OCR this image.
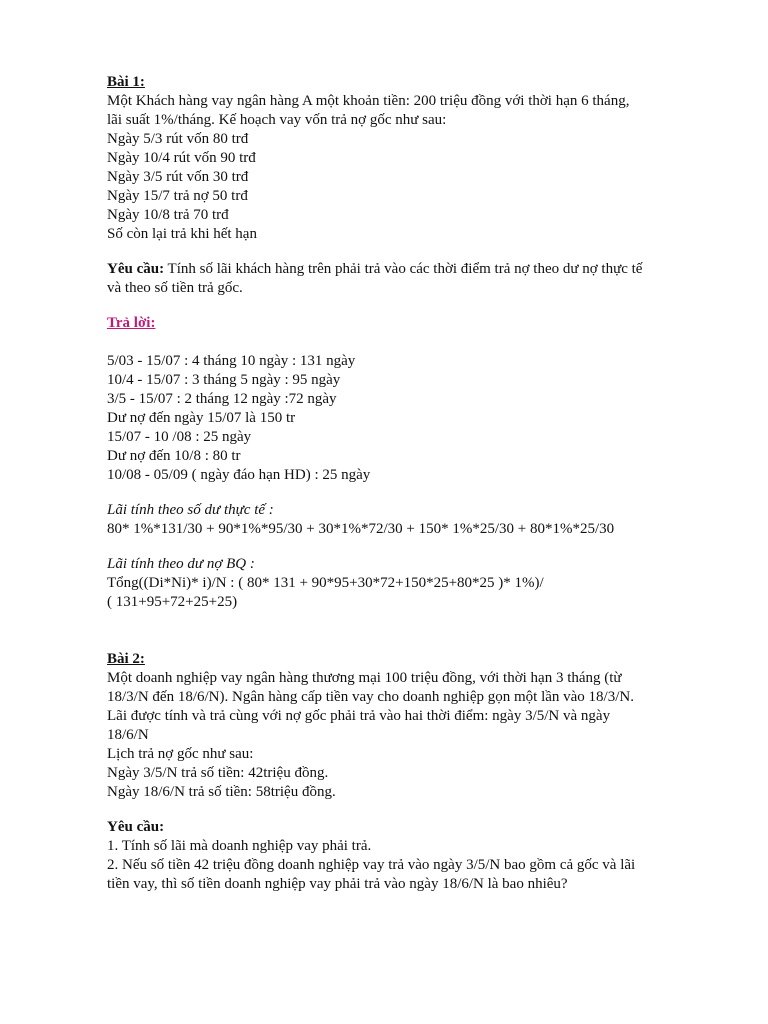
Bài 1:
Một Khách hàng vay ngân hàng A một khoản tiền: 200 triệu đồng với thời hạn 6 tháng,
lãi suất 1%/tháng. Kế hoạch vay vốn trả nợ gốc như sau:
Ngày 5/3 rút vốn 80 trđ
Ngày 10/4 rút vốn 90 trđ
Ngày 3/5 rút vốn 30 trđ
Ngày 15/7 trả nợ 50 trđ
Ngày 10/8 trả 70 trđ
Số còn lại trả khi hết hạn
Yêu cầu: Tính số lãi khách hàng trên phải trả vào các thời điểm trả nợ theo dư nợ thực tế
và theo số tiền trả gốc.
Trả lời:
5/03 - 15/07 : 4 tháng 10 ngày : 131 ngày
10/4 - 15/07 : 3 tháng 5 ngày : 95 ngày
3/5 - 15/07 : 2 tháng 12 ngày :72 ngày
Dư nợ đến ngày 15/07 là 150 tr
15/07 - 10 /08 : 25 ngày
Dư nợ đến 10/8 : 80 tr
10/08 - 05/09 ( ngày đáo hạn HD) : 25 ngày
Lãi tính theo số dư thực tế :
80* 1%*131/30 + 90*1%*95/30 + 30*1%*72/30 + 150* 1%*25/30 + 80*1%*25/30
Lãi tính theo dư nợ BQ :
Tổng((Di*Ni)* i)/N : ( 80* 131 + 90*95+30*72+150*25+80*25 )* 1%)/
( 131+95+72+25+25)
Bài 2:
Một doanh nghiệp vay ngân hàng thương mại 100 triệu đồng, với thời hạn 3 tháng (từ
18/3/N đến 18/6/N). Ngân hàng cấp tiền vay cho doanh nghiệp gọn một lần vào 18/3/N.
Lãi được tính và trả cùng với nợ gốc phải trả vào hai thời điểm: ngày 3/5/N và ngày
18/6/N
Lịch trả nợ gốc như sau:
Ngày 3/5/N trả số tiền: 42triệu đồng.
Ngày 18/6/N trả số tiền: 58triệu đồng.
Yêu cầu:
1. Tính số lãi mà doanh nghiệp vay phải trả.
2. Nếu số tiền 42 triệu đồng doanh nghiệp vay trả vào ngày 3/5/N bao gồm cả gốc và lãi
tiền vay, thì số tiền doanh nghiệp vay phải trả vào ngày 18/6/N là bao nhiêu?
